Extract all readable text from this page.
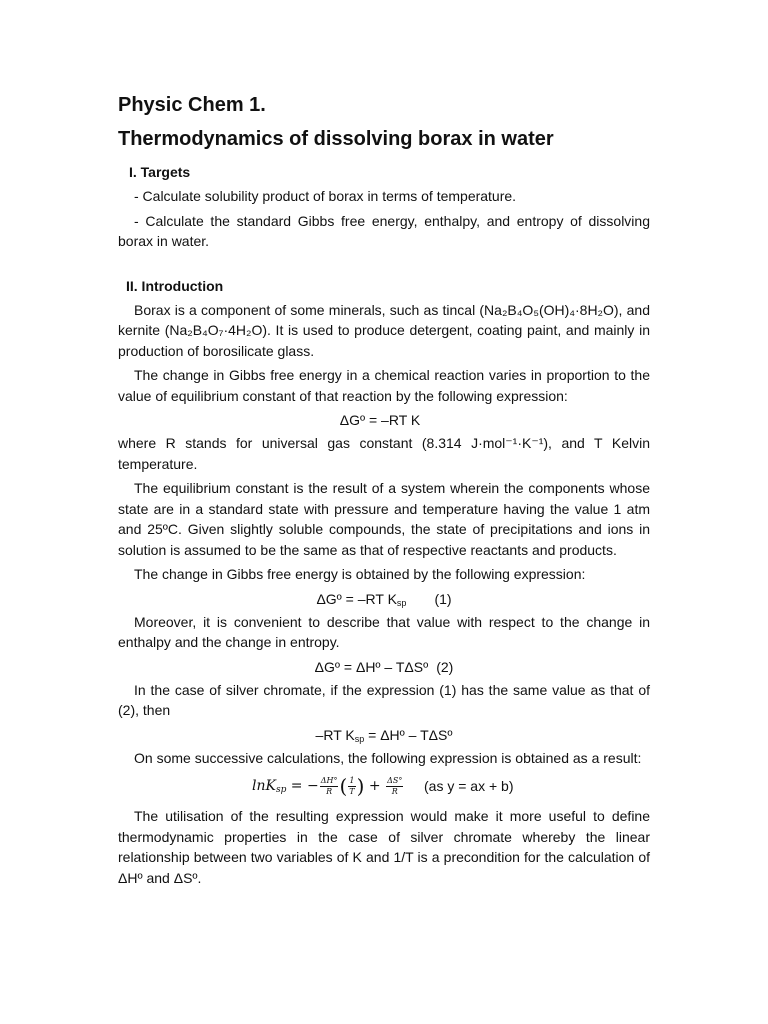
Physic Chem 1.
Thermodynamics of dissolving borax in water
I. Targets

- Calculate solubility product of borax in terms of temperature.

- Calculate the standard Gibbs free energy, enthalpy, and entropy of dissolving borax in water.

II. Introduction

Borax is a component of some minerals, such as tincal (Na₂B₄O₅(OH)₄·8H₂O), and kernite (Na₂B₄O₇·4H₂O). It is used to produce detergent, coating paint, and mainly in production of borosilicate glass.

The change in Gibbs free energy in a chemical reaction varies in proportion to the value of equilibrium constant of that reaction by the following expression:

ΔGº = –RT K

where R stands for universal gas constant (8.314 J·mol⁻¹·K⁻¹), and T Kelvin temperature.

The equilibrium constant is the result of a system wherein the components whose state are in a standard state with pressure and temperature having the value 1 atm and 25ºC. Given slightly soluble compounds, the state of precipitations and ions in solution is assumed to be the same as that of respective reactants and products.

The change in Gibbs free energy is obtained by the following expression:

ΔGº = –RT $K_{sp}$ (1)

Moreover, it is convenient to describe that value with respect to the change in enthalpy and the change in entropy.

ΔGº = ΔHº – TΔSº (2)

In the case of silver chromate, if the expression (1) has the same value as that of (2), then

–RT $K_{sp}$ = ΔHº – TΔSº

On some successive calculations, the following expression is obtained as a result:

lnK$_{sp}$ = − $\frac{\Delta H^\circ}{R}$ ( $\frac{1}{T}$ ) + $\frac{\Delta S^\circ}{R} (as$ y = ax + b)

The utilisation of the resulting expression would make it more useful to define thermodynamic properties in the case of silver chromate whereby the linear relationship between two variables of K and 1/T is a precondition for the calculation of ΔHº and ΔSº.
